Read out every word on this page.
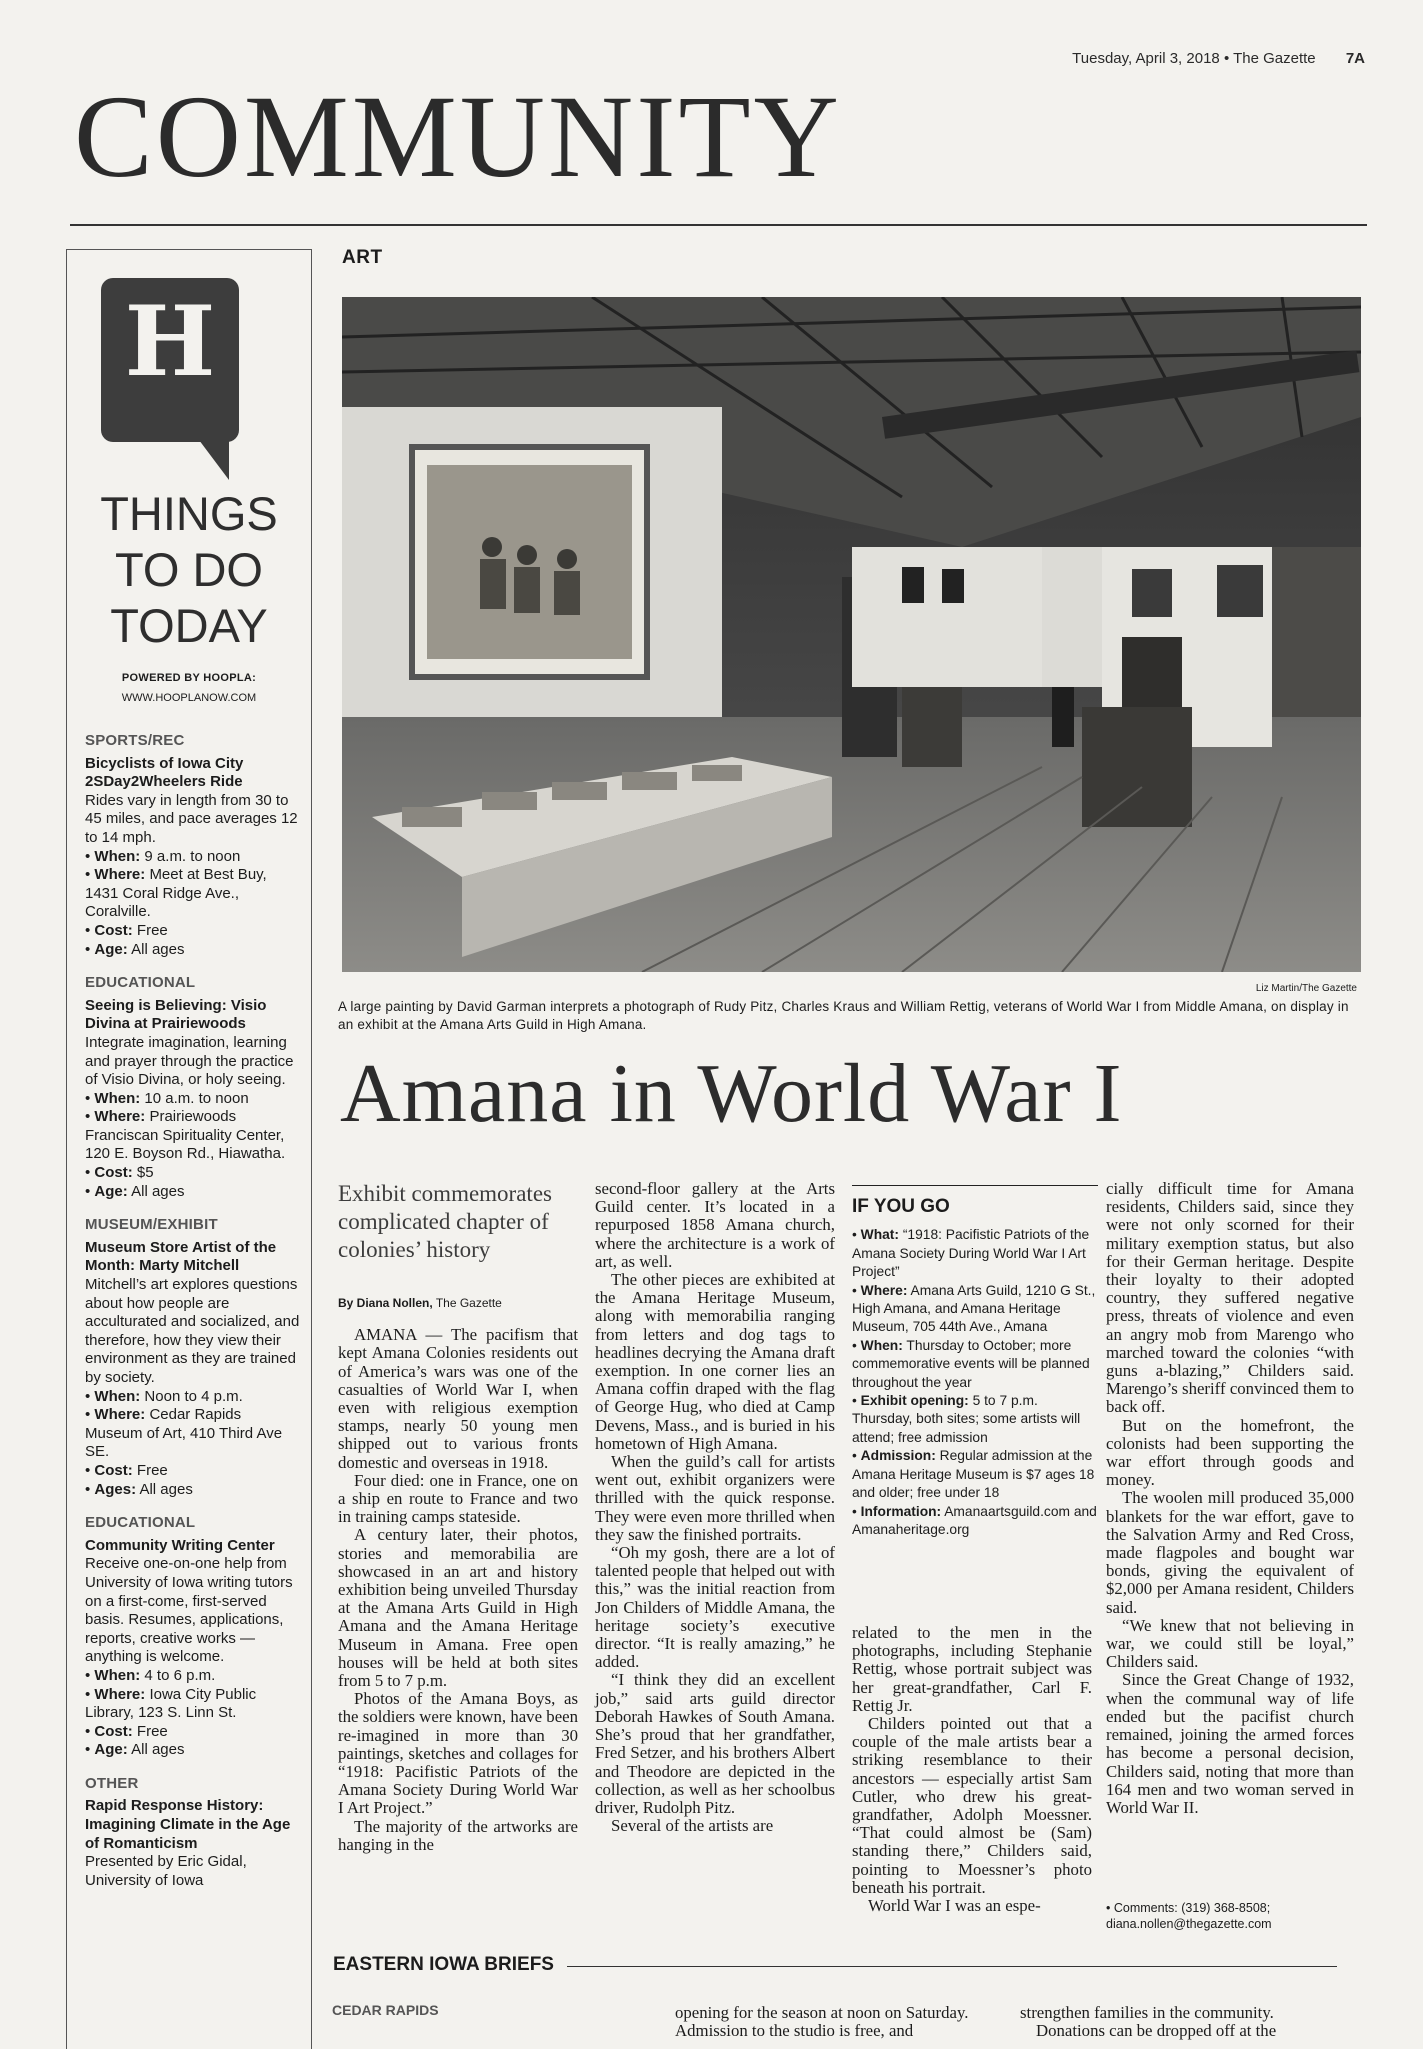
Tuesday, April 3, 2018 • The Gazette 7A
COMMUNITY
H
THINGS
TO DO
TODAY
POWERED BY HOOPLA:
WWW.HOOPLANOW.COM
SPORTS/REC
Bicyclists of Iowa City 2SDay2Wheelers Ride
Rides vary in length from 30 to 45 miles, and pace averages 12 to 14 mph.
• When: 9 a.m. to noon
• Where: Meet at Best Buy, 1431 Coral Ridge Ave., Coralville.
• Cost: Free
• Age: All ages
EDUCATIONAL
Seeing is Believing: Visio Divina at Prairiewoods
Integrate imagination, learning and prayer through the practice of Visio Divina, or holy seeing.
• When: 10 a.m. to noon
• Where: Prairiewoods Franciscan Spirituality Center, 120 E. Boyson Rd., Hiawatha.
• Cost: $5
• Age: All ages
MUSEUM/EXHIBIT
Museum Store Artist of the Month: Marty Mitchell
Mitchell’s art explores questions about how people are acculturated and socialized, and therefore, how they view their environment as they are trained by society.
• When: Noon to 4 p.m.
• Where: Cedar Rapids Museum of Art, 410 Third Ave SE.
• Cost: Free
• Ages: All ages
EDUCATIONAL
Community Writing Center
Receive one-on-one help from University of Iowa writing tutors on a first-come, first-served basis. Resumes, applications, reports, creative works — anything is welcome.
• When: 4 to 6 p.m.
• Where: Iowa City Public Library, 123 S. Linn St.
• Cost: Free
• Age: All ages
OTHER
Rapid Response History: Imagining Climate in the Age of Romanticism
Presented by Eric Gidal, University of Iowa
ART
Liz Martin/The Gazette
A large painting by David Garman interprets a photograph of Rudy Pitz, Charles Kraus and William Rettig, veterans of World War I from Middle Amana, on display in an exhibit at the Amana Arts Guild in High Amana.
Amana in World War I
Exhibit commemorates complicated chapter of colonies’ history
By Diana Nollen, The Gazette

AMANA — The pacifism that kept Amana Colonies residents out of America’s wars was one of the casualties of World War I, when even with religious exemption stamps, nearly 50 young men shipped out to various fronts domestic and overseas in 1918.

Four died: one in France, one on a ship en route to France and two in training camps stateside.

A century later, their photos, stories and memorabilia are showcased in an art and history exhibition being unveiled Thursday at the Amana Arts Guild in High Amana and the Amana Heritage Museum in Amana. Free open houses will be held at both sites from 5 to 7 p.m.

Photos of the Amana Boys, as the soldiers were known, have been re-imagined in more than 30 paintings, sketches and collages for “1918: Pacifistic Patriots of the Amana Society During World War I Art Project.”

The majority of the artworks are hanging in the

second-floor gallery at the Arts Guild center. It’s located in a repurposed 1858 Amana church, where the architecture is a work of art, as well.

The other pieces are exhibited at the Amana Heritage Museum, along with memorabilia ranging from letters and dog tags to headlines decrying the Amana draft exemption. In one corner lies an Amana coffin draped with the flag of George Hug, who died at Camp Devens, Mass., and is buried in his hometown of High Amana.

When the guild’s call for artists went out, exhibit organizers were thrilled with the quick response. They were even more thrilled when they saw the finished portraits.

“Oh my gosh, there are a lot of talented people that helped out with this,” was the initial reaction from Jon Childers of Middle Amana, the heritage society’s executive director. “It is really amazing,” he added.

“I think they did an excellent job,” said arts guild director Deborah Hawkes of South Amana. She’s proud that her grandfather, Fred Setzer, and his brothers Albert and Theodore are depicted in the collection, as well as her schoolbus driver, Rudolph Pitz.

Several of the artists are

IF YOU GO
• What: “1918: Pacifistic Patriots of the Amana Society During World War I Art Project”
• Where: Amana Arts Guild, 1210 G St., High Amana, and Amana Heritage Museum, 705 44th Ave., Amana
• When: Thursday to October; more commemorative events will be planned throughout the year
• Exhibit opening: 5 to 7 p.m. Thursday, both sites; some artists will attend; free admission
• Admission: Regular admission at the Amana Heritage Museum is $7 ages 18 and older; free under 18
• Information: Amanaartsguild.com and Amanaheritage.org

related to the men in the photographs, including Stephanie Rettig, whose portrait subject was her great-grandfather, Carl F. Rettig Jr.

Childers pointed out that a couple of the male artists bear a striking resemblance to their ancestors — especially artist Sam Cutler, who drew his great-grandfather, Adolph Moessner. “That could almost be (Sam) standing there,” Childers said, pointing to Moessner’s photo beneath his portrait.

World War I was an espe-

cially difficult time for Amana residents, Childers said, since they were not only scorned for their military exemption status, but also for their German heritage. Despite their loyalty to their adopted country, they suffered negative press, threats of violence and even an angry mob from Marengo who marched toward the colonies “with guns a-blazing,” Childers said. Marengo’s sheriff convinced them to back off.

But on the homefront, the colonists had been supporting the war effort through goods and money.

The woolen mill produced 35,000 blankets for the war effort, gave to the Salvation Army and Red Cross, made flagpoles and bought war bonds, giving the equivalent of $2,000 per Amana resident, Childers said.

“We knew that not believing in war, we could still be loyal,” Childers said.

Since the Great Change of 1932, when the communal way of life ended but the pacifist church remained, joining the armed forces has become a personal decision, Childers said, noting that more than 164 men and two woman served in World War II.

• Comments: (319) 368-8508;
diana.nollen@thegazette.com
EASTERN IOWA BRIEFS
CEDAR RAPIDS	opening for the season at noon on Saturday. Admission to the studio is free, and
strengthen families in the community.
Donations can be dropped off at the
